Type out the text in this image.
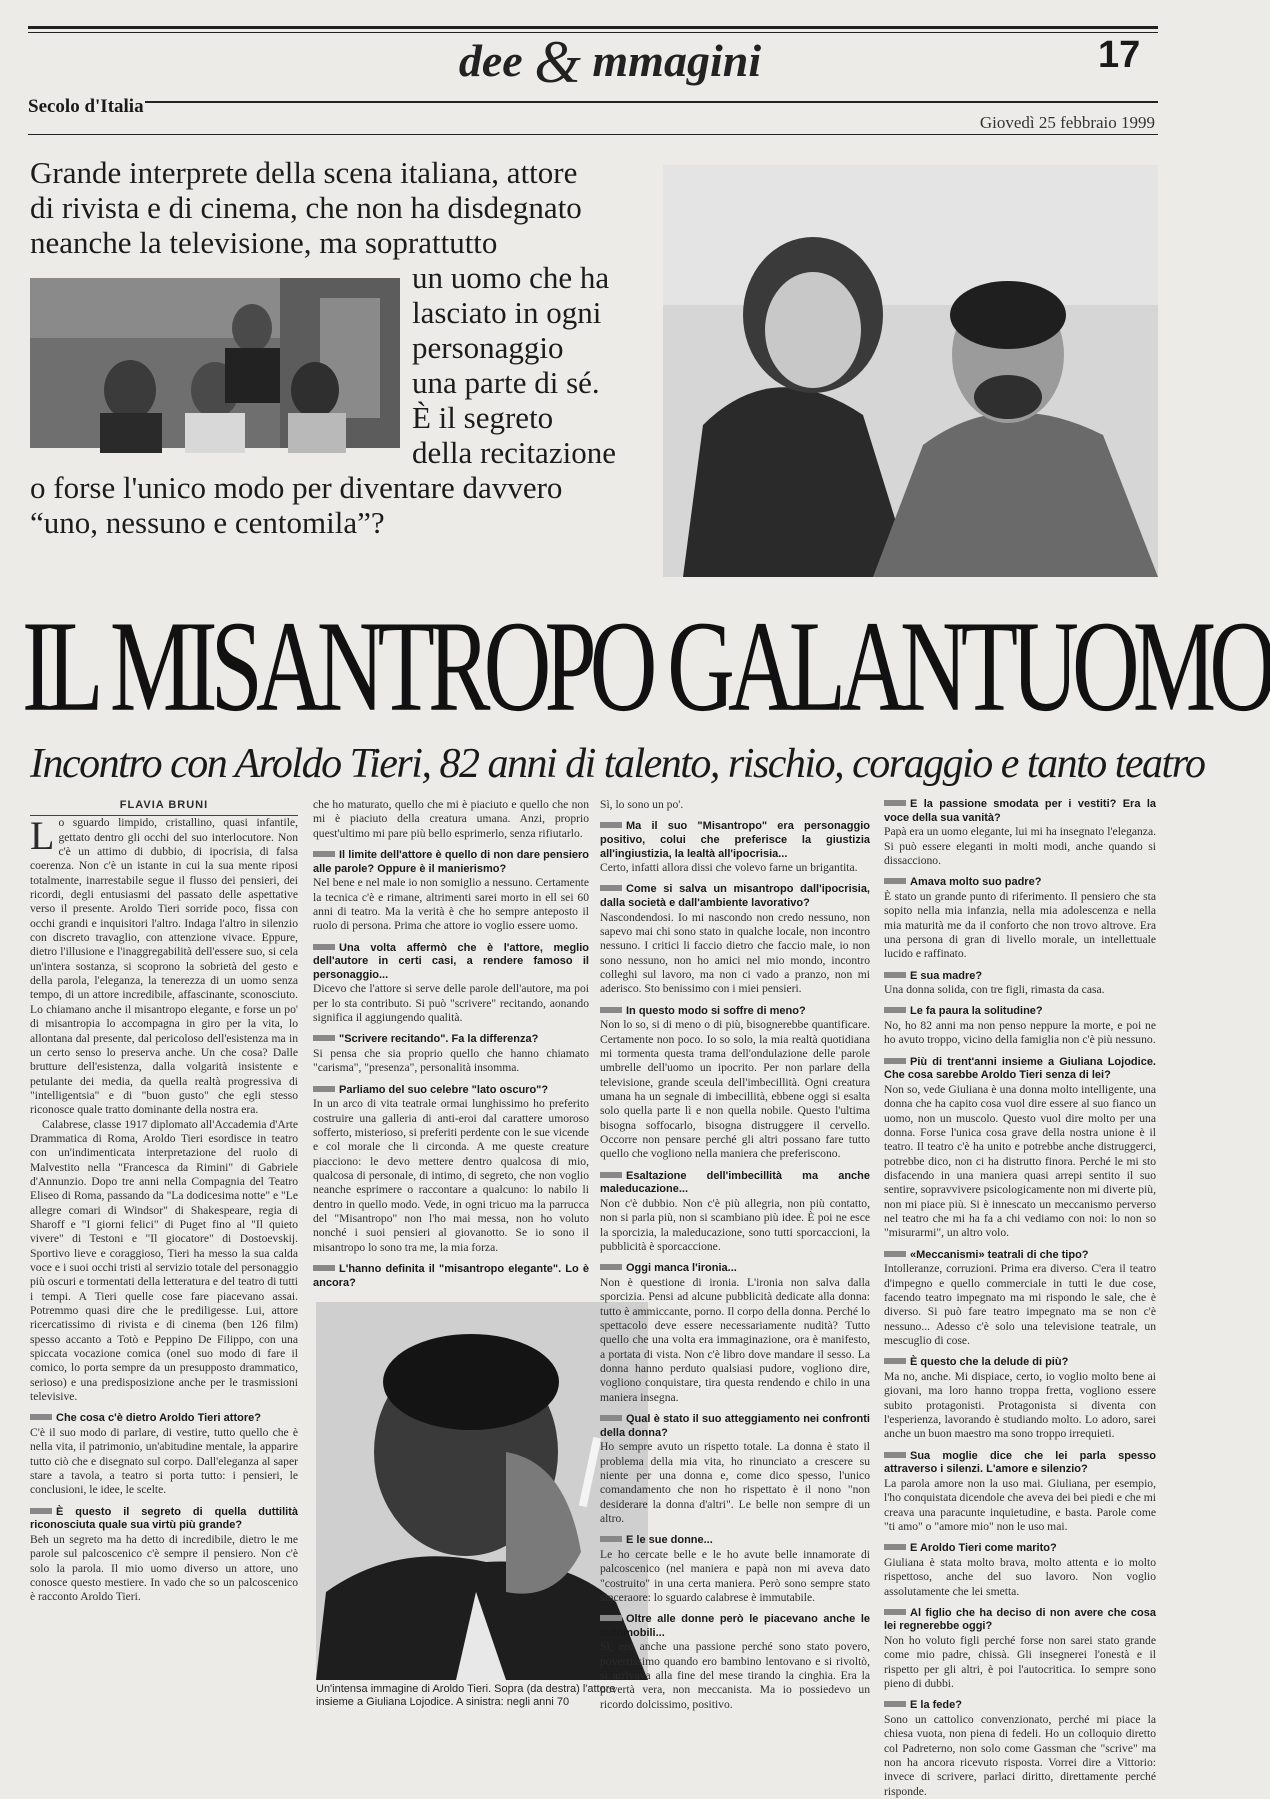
dee & mmagini	17
Secolo d'Italia
Giovedì 25 febbraio 1999
Grande interprete della scena italiana, attore
di rivista e di cinema, che non ha disdegnato
neanche la televisione, ma soprattutto
un uomo che ha
lasciato in ogni
personaggio
una parte di sé.
È il segreto
della recitazione
o forse l'unico modo per diventare davvero
“uno, nessuno e centomila”?
IL MISANTROPO GALANTUOMO
Incontro con Aroldo Tieri, 82 anni di talento, rischio, coraggio e tanto teatro

FLAVIA BRUNI

Lo sguardo limpido, cristallino, quasi infantile, gettato dentro gli occhi del suo interlocutore. Non c'è un attimo di dubbio, di ipocrisia, di falsa coerenza. Non c'è un istante in cui la sua mente riposi totalmente, inarrestabile segue il flusso dei pensieri, dei ricordi, degli entusiasmi del passato delle aspettative verso il presente. Aroldo Tieri sorride poco, fissa con occhi grandi e inquisitori l'altro. Indaga l'altro in silenzio con discreto travaglio, con attenzione vivace. Eppure, dietro l'illusione e l'inaggregabilità dell'essere suo, si cela un'intera sostanza, si scoprono la sobrietà del gesto e della parola, l'eleganza, la tenerezza di un uomo senza tempo, di un attore incredibile, affascinante, sconosciuto. Lo chiamano anche il misantropo elegante, e forse un po' di misantropia lo accompagna in giro per la vita, lo allontana dal presente, dal pericoloso dell'esistenza ma in un certo senso lo preserva anche. Un che cosa? Dalle brutture dell'esistenza, dalla volgarità insistente e petulante dei media, da quella realtà progressiva di "intelligentsia" e di "buon gusto" che egli stesso riconosce quale tratto dominante della nostra era.

Calabrese, classe 1917 diplomato all'Accademia d'Arte Drammatica di Roma, Aroldo Tieri esordisce in teatro con un'indimenticata interpretazione del ruolo di Malvestito nella "Francesca da Rimini" di Gabriele d'Annunzio. Dopo tre anni nella Compagnia del Teatro Eliseo di Roma, passando da "La dodicesima notte" e "Le allegre comari di Windsor" di Shakespeare, regia di Sharoff e "I giorni felici" di Puget fino al "Il quieto vivere" di Testoni e "Il giocatore" di Dostoevskij. Sportivo lieve e coraggioso, Tieri ha messo la sua calda voce e i suoi occhi tristi al servizio totale del personaggio più oscuri e tormentati della letteratura e del teatro di tutti i tempi. A Tieri quelle cose fare piacevano assai. Potremmo quasi dire che le prediligesse. Lui, attore ricercatissimo di rivista e di cinema (ben 126 film) spesso accanto a Totò e Peppino De Filippo, con una spiccata vocazione comica (onel suo modo di fare il comico, lo porta sempre da un presupposto drammatico, serioso) e una predisposizione anche per le trasmissioni televisive.

Che cosa c'è dietro Aroldo Tieri attore?

C'è il suo modo di parlare, di vestire, tutto quello che è nella vita, il patrimonio, un'abitudine mentale, la apparire tutto ciò che e disegnato sul corpo. Dall'eleganza al saper stare a tavola, a teatro si porta tutto: i pensieri, le conclusioni, le idee, le scelte.

È questo il segreto di quella duttilità riconosciuta quale sua virtù più grande?

Beh un segreto ma ha detto di incredibile, dietro le me parole sul palcoscenico c'è sempre il pensiero. Non c'è solo la parola. Il mio uomo diverso un attore, uno conosce questo mestiere. In vado che so un palcoscenico è racconto Aroldo Tieri.

che ho maturato, quello che mi è piaciuto e quello che non mi è piaciuto della creatura umana. Anzi, proprio quest'ultimo mi pare più bello esprimerlo, senza rifiutarlo.

Il limite dell'attore è quello di non dare pensiero alle parole? Oppure è il manierismo?

Nel bene e nel male io non somiglio a nessuno. Certamente la tecnica c'è e rimane, altrimenti sarei morto in ell sei 60 anni di teatro. Ma la verità è che ho sempre anteposto il ruolo di persona. Prima che attore io voglio essere uomo.

Una volta affermò che è l'attore, meglio dell'autore in certi casi, a rendere famoso il personaggio...

Dicevo che l'attore si serve delle parole dell'autore, ma poi per lo sta contributo. Si può "scrivere" recitando, aonando significa il aggiungendo qualità.

"Scrivere recitando". Fa la differenza?

Si pensa che sia proprio quello che hanno chiamato "carisma", "presenza", personalità insomma.

Parliamo del suo celebre "lato oscuro"?

In un arco di vita teatrale ormai lunghissimo ho preferito costruire una galleria di anti-eroi dal carattere umoroso sofferto, misterioso, si preferiti perdente con le sue vicende e col morale che li circonda. A me queste creature piacciono: le devo mettere dentro qualcosa di mio, qualcosa di personale, di intimo, di segreto, che non voglio neanche esprimere o raccontare a qualcuno: lo nabilo li dentro in quello modo. Vede, in ogni tricuo ma la parrucca del "Misantropo" non l'ho mai messa, non ho voluto nonché i suoi pensieri al giovanotto. Se io sono il misantropo lo sono tra me, la mia forza.

L'hanno definita il "misantropo elegante". Lo è ancora?

Un'intensa immagine di Aroldo Tieri. Sopra (da destra) l'attore insieme a Giuliana Lojodice. A sinistra: negli anni 70

Sì, lo sono un po'.

Ma il suo "Misantropo" era personaggio positivo, colui che preferisce la giustizia all'ingiustizia, la lealtà all'ipocrisia...

Certo, infatti allora dissi che volevo farne un brigantita.

Come si salva un misantropo dall'ipocrisia, dalla società e dall'ambiente lavorativo?

Nascondendosi. Io mi nascondo non credo nessuno, non sapevo mai chi sono stato in qualche locale, non incontro nessuno. I critici li faccio dietro che faccio male, io non sono nessuno, non ho amici nel mio mondo, incontro colleghi sul lavoro, ma non ci vado a pranzo, non mi aderisco. Sto benissimo con i miei pensieri.

In questo modo si soffre di meno?

Non lo so, si di meno o di più, bisognerebbe quantificare. Certamente non poco. Io so solo, la mia realtà quotidiana mi tormenta questa trama dell'ondulazione delle parole umbrelle dell'uomo un ipocrito. Per non parlare della televisione, grande sceula dell'imbecillità. Ogni creatura umana ha un segnale di imbecillità, ebbene oggi si esalta solo quella parte lì e non quella nobile. Questo l'ultima bisogna soffocarlo, bisogna distruggere il cervello. Occorre non pensare perché gli altri possano fare tutto quello che vogliono nella maniera che preferiscono.

Esaltazione dell'imbecillità ma anche maleducazione...

Non c'è dubbio. Non c'è più allegria, non più contatto, non si parla più, non si scambiano più idee. È poi ne esce la sporcizia, la maleducazione, sono tutti sporcaccioni, la pubblicità è sporcaccione.

Oggi manca l'ironia...

Non è questione di ironia. L'ironia non salva dalla sporcizia. Pensi ad alcune pubblicità dedicate alla donna: tutto è ammiccante, porno. Il corpo della donna. Perché lo spettacolo deve essere necessariamente nudità? Tutto quello che una volta era immaginazione, ora è manifesto, a portata di vista. Non c'è libro dove mandare il sesso. La donna hanno perduto qualsiasi pudore, vogliono dire, vogliono conquistare, tira questa rendendo e chilo in una maniera insegna.

Qual è stato il suo atteggiamento nei confronti della donna?

Ho sempre avuto un rispetto totale. La donna è stato il problema della mia vita, ho rinunciato a crescere su niente per una donna e, come dico spesso, l'unico comandamento che non ho rispettato è il nono "non desiderare la donna d'altri". Le belle non sempre di un altro.

E le sue donne...

Le ho cercate belle e le ho avute belle innamorate di palcoscenico (nel maniera e papà non mi aveva dato "costruito" in una certa maniera. Però sono sempre stato sinceraore: lo sguardo calabrese è immutabile.

Oltre alle donne però le piacevano anche le automobili...

Sì, ero anche una passione perché sono stato povero, povertissimo quando ero bambino lentovano e si rivoltò, si arrivava alla fine del mese tirando la cinghia. Era la povertà vera, non meccanista. Ma io possiedevo un ricordo dolcissimo, positivo.

E la passione smodata per i vestiti? Era la voce della sua vanità?

Papà era un uomo elegante, lui mi ha insegnato l'eleganza. Si può essere eleganti in molti modi, anche quando si dissacciono.

Amava molto suo padre?

È stato un grande punto di riferimento. Il pensiero che sta sopito nella mia infanzia, nella mia adolescenza e nella mia maturità me da il conforto che non trovo altrove. Era una persona di gran di livello morale, un intellettuale lucido e raffinato.

E sua madre?

Una donna solida, con tre figli, rimasta da casa.

Le fa paura la solitudine?

No, ho 82 anni ma non penso neppure la morte, e poi ne ho avuto troppo, vicino della famiglia non c'è più nessuno.

Più di trent'anni insieme a Giuliana Lojodice. Che cosa sarebbe Aroldo Tieri senza di lei?

Non so, vede Giuliana è una donna molto intelligente, una donna che ha capito cosa vuol dire essere al suo fianco un uomo, non un muscolo. Questo vuol dire molto per una donna. Forse l'unica cosa grave della nostra unione è il teatro. Il teatro c'è ha unito e potrebbe anche distruggerci, potrebbe dico, non ci ha distrutto finora. Perché le mi sto disfacendo in una maniera quasi arrepi sentito il suo sentire, sopravvivere psicologicamente non mi diverte più, non mi piace più. Si è innescato un meccanismo perverso nel teatro che mi ha fa a chi vediamo con noi: lo non so "misurarmi", un altro volo.

«Meccanismi» teatrali di che tipo?

Intolleranze, corruzioni. Prima era diverso. C'era il teatro d'impegno e quello commerciale in tutti le due cose, facendo teatro impegnato ma mi rispondo le sale, che è diverso. Si può fare teatro impegnato ma se non c'è nessuno... Adesso c'è solo una televisione teatrale, un mescuglio di cose.

È questo che la delude di più?

Ma no, anche. Mi dispiace, certo, io voglio molto bene ai giovani, ma loro hanno troppa fretta, vogliono essere subito protagonisti. Protagonista si diventa con l'esperienza, lavorando è studiando molto. Lo adoro, sarei anche un buon maestro ma sono troppo irrequieti.

Sua moglie dice che lei parla spesso attraverso i silenzi. L'amore e silenzio?

La parola amore non la uso mai. Giuliana, per esempio, l'ho conquistata dicendole che aveva dei bei piedi e che mi creava una paracunte inquietudine, e basta. Parole come "ti amo" o "amore mio" non le uso mai.

E Aroldo Tieri come marito?

Giuliana è stata molto brava, molto attenta e io molto rispettoso, anche del suo lavoro. Non voglio assolutamente che lei smetta.

Al figlio che ha deciso di non avere che cosa lei regnerebbe oggi?

Non ho voluto figli perché forse non sarei stato grande come mio padre, chissà. Gli insegnerei l'onestà e il rispetto per gli altri, è poi l'autocritica. Io sempre sono pieno di dubbi.

E la fede?

Sono un cattolico convenzionato, perché mi piace la chiesa vuota, non piena di fedeli. Ho un colloquio diretto col Padreterno, non solo come Gassman che "scrive" ma non ha ancora ricevuto risposta. Vorrei dire a Vittorio: invece di scrivere, parlaci diritto, direttamente perché risponde.
